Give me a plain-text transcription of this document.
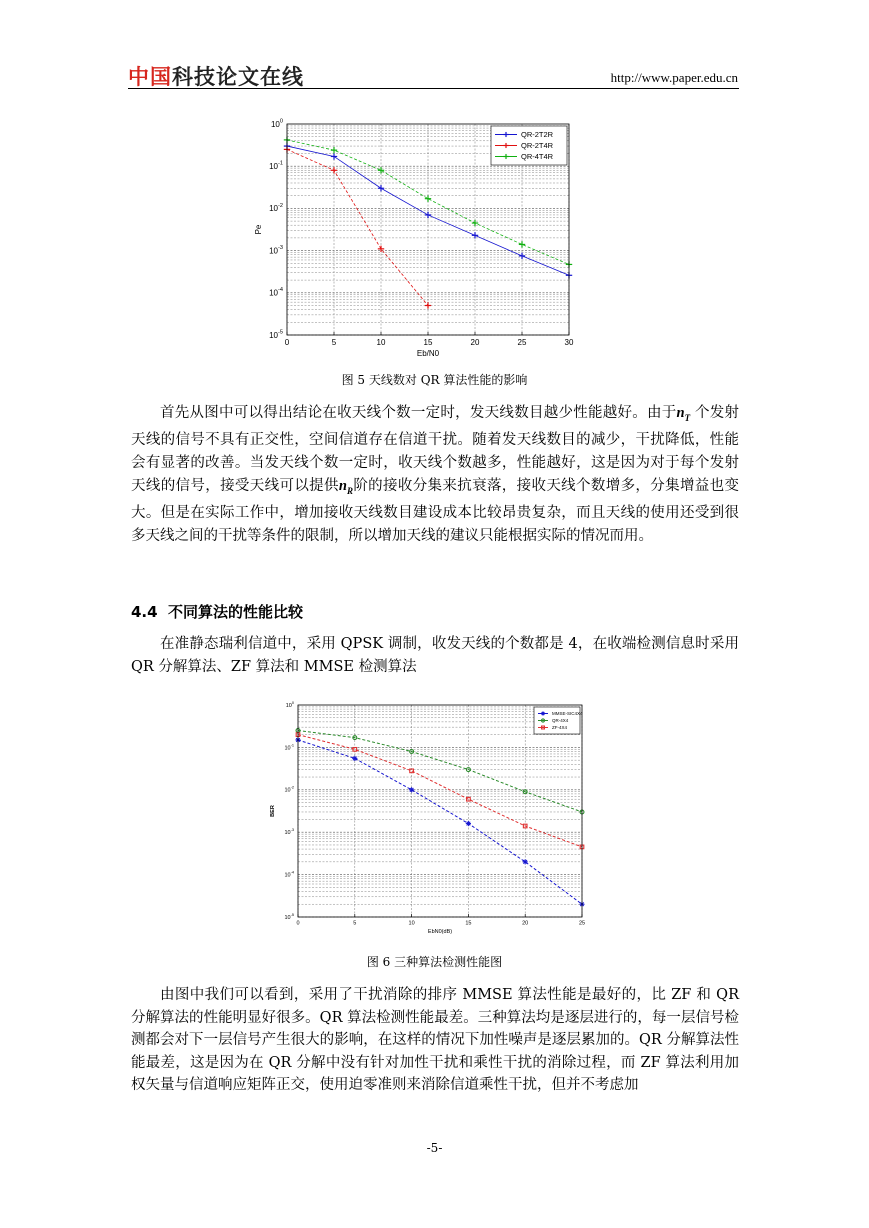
中国科技论文在线	http://www.paper.edu.cn
0	5	10	15	20	25	30
$10^0$
$10^{-1}$
$10^{-2}$
$10^{-3}$
$10^{-4}$
$10^{-5}$
Eb/N0
Pe
QR-2T2R
QR-2T4R
QR-4T4R
图 5 天线数对 QR 算法性能的影响

首先从图中可以得出结论在收天线个数一定时，发天线数目越少性能越好。由于$n_T$ 个发射天线的信号不具有正交性，空间信道存在信道干扰。随着发天线数目的减少，干扰降低，性能会有显著的改善。当发天线个数一定时，收天线个数越多，性能越好，这是因为对于每个发射天线的信号，接受天线可以提供$n_R$阶的接收分集来抗衰落，接收天线个数增多，分集增益也变大。但是在实际工作中，增加接收天线数目建设成本比较昂贵复杂，而且天线的使用还受到很多天线之间的干扰等条件的限制，所以增加天线的建议只能根据实际的情况而用。

4.4 不同算法的性能比较

在准静态瑞利信道中，采用 QPSK 调制，收发天线的个数都是 4，在收端检测信息时采用 QR 分解算法、ZF 算法和 MMSE 检测算法

0	5	10	15	20	25
$10^0$
$10^{-1}$
$10^{-2}$
$10^{-3}$
$10^{-4}$
$10^{-5}$
EbN0(dB)
BER
MMSE-SIC4X4
QR-4X4
ZF-4X4
图 6 三种算法检测性能图

由图中我们可以看到，采用了干扰消除的排序 MMSE 算法性能是最好的，比 ZF 和 QR 分解算法的性能明显好很多。QR 算法检测性能最差。三种算法均是逐层进行的，每一层信号检测都会对下一层信号产生很大的影响，在这样的情况下加性噪声是逐层累加的。QR 分解算法性能最差，这是因为在 QR 分解中没有针对加性干扰和乘性干扰的消除过程，而 ZF 算法利用加权矢量与信道响应矩阵正交，使用迫零准则来消除信道乘性干扰，但并不考虑加

-5-
